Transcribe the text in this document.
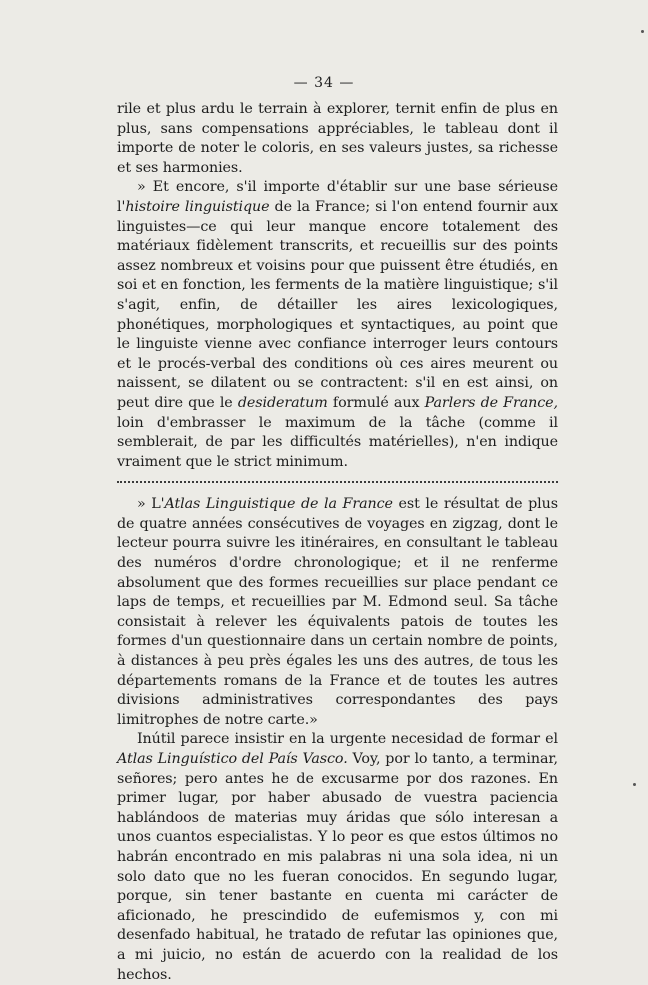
— 34 —

rile et plus ardu le terrain à explorer, ternit enfin de plus en plus, sans compensations appréciables, le tableau dont il importe de noter le coloris, en ses valeurs justes, sa richesse et ses harmonies.

» Et encore, s'il importe d'établir sur une base sérieuse l'histoire linguistique de la France; si l'on entend fournir aux linguistes—ce qui leur manque encore totalement des matériaux fidèlement transcrits, et recueillis sur des points assez nombreux et voisins pour que puissent être étudiés, en soi et en fonction, les ferments de la matière linguistique; s'il s'agit, enfin, de détailler les aires lexicologiques, phonétiques, morphologiques et syntactiques, au point que le linguiste vienne avec confiance interroger leurs contours et le procés-verbal des conditions où ces aires meurent ou naissent, se dilatent ou se contractent: s'il en est ainsi, on peut dire que le desideratum formulé aux Parlers de France, loin d'embrasser le maximum de la tâche (comme il semblerait, de par les difficultés matérielles), n'en indique vraiment que le strict minimum.

» L'Atlas Linguistique de la France est le résultat de plus de quatre années consécutives de voyages en zigzag, dont le lecteur pourra suivre les itinéraires, en consultant le tableau des numéros d'ordre chronologique; et il ne renferme absolument que des formes recueillies sur place pendant ce laps de temps, et recueillies par M. Edmond seul. Sa tâche consistait à relever les équivalents patois de toutes les formes d'un questionnaire dans un certain nombre de points, à distances à peu près égales les uns des autres, de tous les départements romans de la France et de toutes les autres divisions administratives correspondantes des pays limitrophes de notre carte.»

Inútil parece insistir en la urgente necesidad de formar el Atlas Linguístico del País Vasco. Voy, por lo tanto, a terminar, señores; pero antes he de excusarme por dos razones. En primer lugar, por haber abusado de vuestra paciencia hablándoos de materias muy áridas que sólo interesan a unos cuantos especialistas. Y lo peor es que estos últimos no habrán encontrado en mis palabras ni una sola idea, ni un solo dato que no les fueran conocidos. En segundo lugar, porque, sin tener bastante en cuenta mi carácter de aficionado, he prescindido de eufemismos y, con mi desenfado habitual, he tratado de refutar las opiniones que, a mi juicio, no están de acuerdo con la realidad de los hechos.
